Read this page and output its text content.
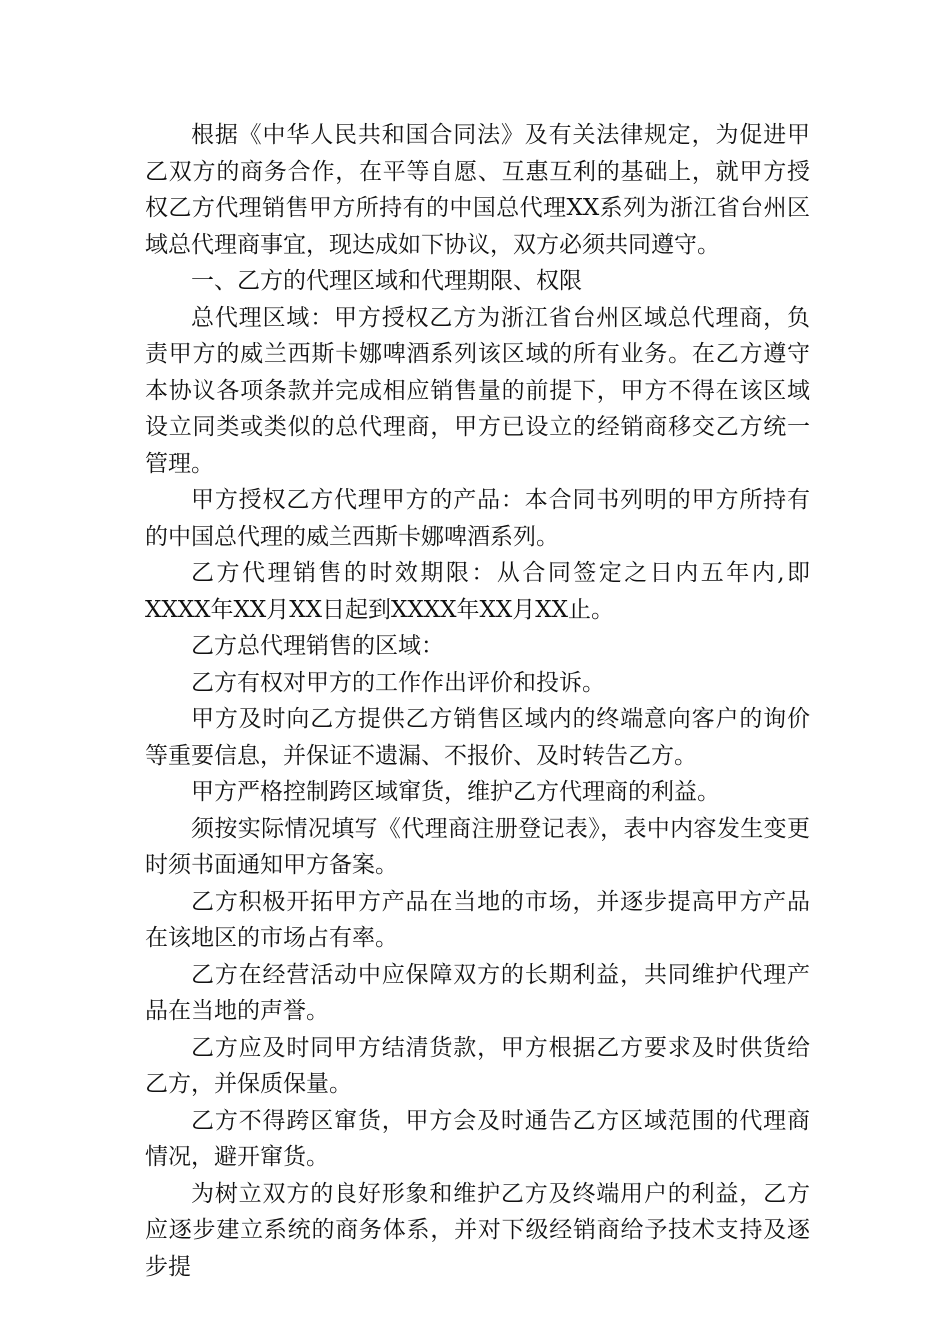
根据《中华人民共和国合同法》及有关法律规定，为促进甲乙双方的商务合作，在平等自愿、互惠互利的基础上，就甲方授权乙方代理销售甲方所持有的中国总代理XX系列为浙江省台州区域总代理商事宜，现达成如下协议，双方必须共同遵守。

一、乙方的代理区域和代理期限、权限

总代理区域：甲方授权乙方为浙江省台州区域总代理商，负责甲方的威兰西斯卡娜啤酒系列该区域的所有业务。在乙方遵守本协议各项条款并完成相应销售量的前提下，甲方不得在该区域设立同类或类似的总代理商，甲方已设立的经销商移交乙方统一管理。

甲方授权乙方代理甲方的产品：本合同书列明的甲方所持有的中国总代理的威兰西斯卡娜啤酒系列。

乙方代理销售的时效期限：从合同签定之日内五年内,即XXXX年XX月XX日起到XXXX年XX月XX止。

乙方总代理销售的区域：

乙方有权对甲方的工作作出评价和投诉。

甲方及时向乙方提供乙方销售区域内的终端意向客户的询价等重要信息，并保证不遗漏、不报价、及时转告乙方。

甲方严格控制跨区域窜货，维护乙方代理商的利益。

须按实际情况填写《代理商注册登记表》，表中内容发生变更时须书面通知甲方备案。

乙方积极开拓甲方产品在当地的市场，并逐步提高甲方产品在该地区的市场占有率。

乙方在经营活动中应保障双方的长期利益，共同维护代理产品在当地的声誉。

乙方应及时同甲方结清货款，甲方根据乙方要求及时供货给乙方，并保质保量。

乙方不得跨区窜货，甲方会及时通告乙方区域范围的代理商情况，避开窜货。

为树立双方的良好形象和维护乙方及终端用户的利益，乙方应逐步建立系统的商务体系，并对下级经销商给予技术支持及逐步提
